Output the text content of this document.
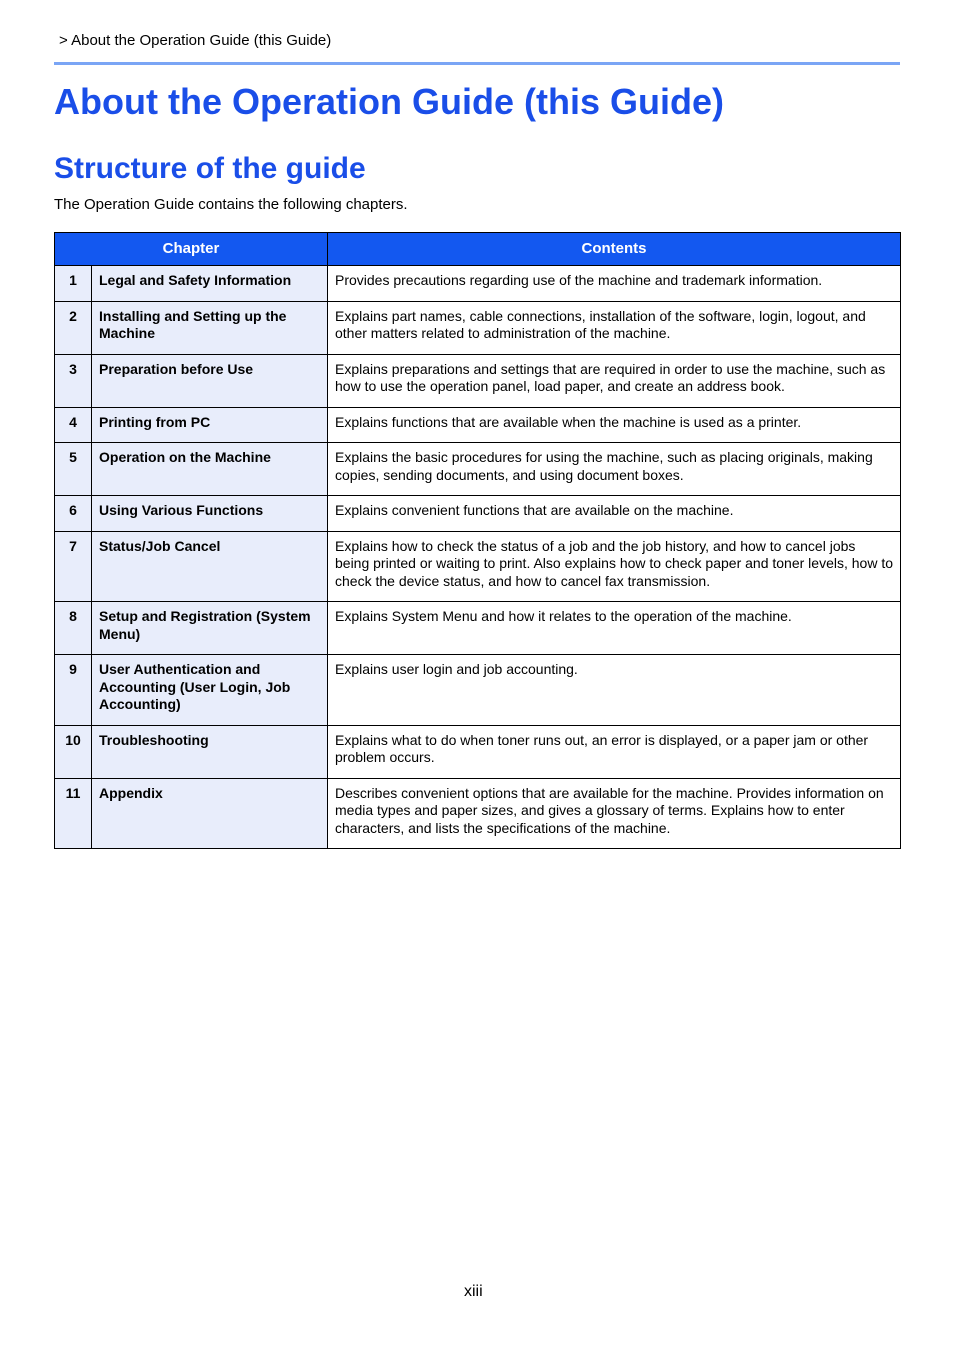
> About the Operation Guide (this Guide)
About the Operation Guide (this Guide)
Structure of the guide
The Operation Guide contains the following chapters.
Chapter		Contents
1	Legal and Safety Information	Provides precautions regarding use of the machine and trademark information.
2	Installing and Setting up the Machine	Explains part names, cable connections, installation of the software, login, logout, and other matters related to administration of the machine.
3	Preparation before Use	Explains preparations and settings that are required in order to use the machine, such as how to use the operation panel, load paper, and create an address book.
4	Printing from PC	Explains functions that are available when the machine is used as a printer.
5	Operation on the Machine	Explains the basic procedures for using the machine, such as placing originals, making copies, sending documents, and using document boxes.
6	Using Various Functions	Explains convenient functions that are available on the machine.
7	Status/Job Cancel	Explains how to check the status of a job and the job history, and how to cancel jobs being printed or waiting to print. Also explains how to check paper and toner levels, how to check the device status, and how to cancel fax transmission.
8	Setup and Registration (System Menu)	Explains System Menu and how it relates to the operation of the machine.
9	User Authentication and Accounting (User Login, Job Accounting)	Explains user login and job accounting.
10	Troubleshooting	Explains what to do when toner runs out, an error is displayed, or a paper jam or other problem occurs.
11	Appendix	Describes convenient options that are available for the machine. Provides information on media types and paper sizes, and gives a glossary of terms. Explains how to enter characters, and lists the specifications of the machine.
xiii
